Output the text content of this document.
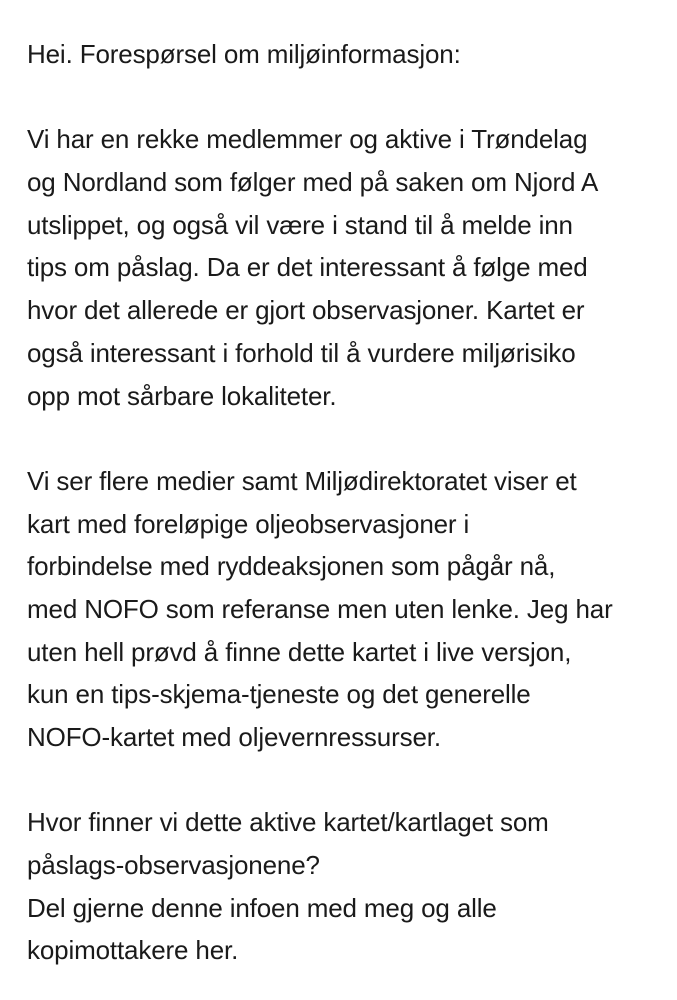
Hei. Forespørsel om miljøinformasjon:
Vi har en rekke medlemmer og aktive i Trøndelag
og Nordland som følger med på saken om Njord A
utslippet, og også vil være i stand til å melde inn
tips om påslag. Da er det interessant å følge med
hvor det allerede er gjort observasjoner. Kartet er
også interessant i forhold til å vurdere miljørisiko
opp mot sårbare lokaliteter.
Vi ser flere medier samt Miljødirektoratet viser et
kart med foreløpige oljeobservasjoner i
forbindelse med ryddeaksjonen som pågår nå,
med NOFO som referanse men uten lenke. Jeg har
uten hell prøvd å finne dette kartet i live versjon,
kun en tips-skjema-tjeneste og det generelle
NOFO-kartet med oljevernressurser.
Hvor finner vi dette aktive kartet/kartlaget som
påslags-observasjonene?
Del gjerne denne infoen med meg og alle
kopimottakere her.
